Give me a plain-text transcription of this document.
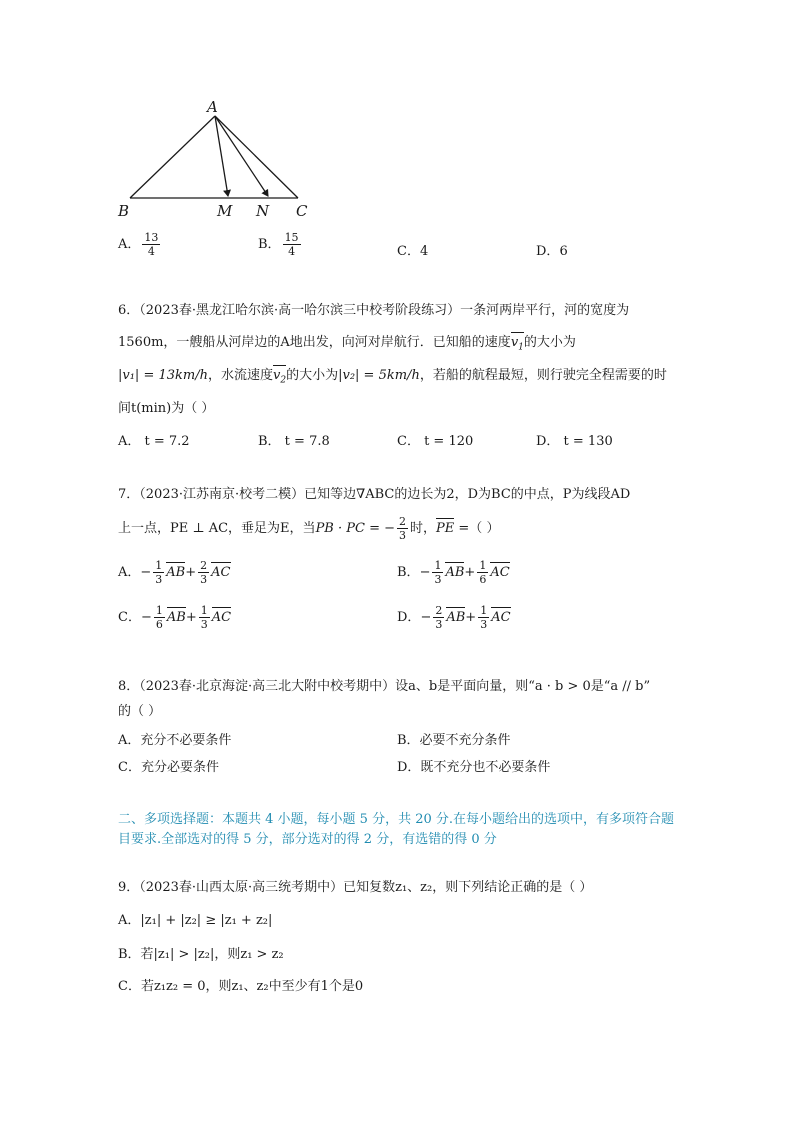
A
B	M N C
A． $\frac{13}{4}$	B． $\frac{15}{4}$	C．4	D．6
6．（2023春·黑龙江哈尔滨·高一哈尔滨三中校考阶段练习）一条河两岸平行，河的宽度为
1560m，一艘船从河岸边的A地出发，向河对岸航行．已知船的速度$v_1$的大小为
|v₁| = 13km/h，水流速度$v_2$的大小为|v₂| = 5km/h，若船的航程最短，则行驶完全程需要的时
间t(min)为（ ）
A． t = 7.2	B． t = 7.8	C． t = 120	D． t = 130
7．（2023·江苏南京·校考二模）已知等边∇ABC的边长为2，D为BC的中点，P为线段AD
上一点，PE ⊥ AC，垂足为E，当PB · PC = − $\frac{2}{3}$ 时，PE =（ ）
A．− $\frac{1}{3} AB+ \frac{2}{3}$ AC	B．− $\frac{1}{3} AB+ \frac{1}{6}$ AC
C．− $\frac{1}{6} AB+ \frac{1}{3}$ AC	D．− $\frac{2}{3} AB+ \frac{1}{3}$ AC
8．（2023春·北京海淀·高三北大附中校考期中）设a、b是平面向量，则“a · b > 0是“a // b”
的（ ）
A．充分不必要条件	B．必要不充分条件
C．充分必要条件	D．既不充分也不必要条件
二、多项选择题：本题共 4 小题，每小题 5 分，共 20 分.在每小题给出的选项中，有多项符合题目要求.全部选对的得 5 分，部分选对的得 2 分，有选错的得 0 分
9．（2023春·山西太原·高三统考期中）已知复数z₁、z₂，则下列结论正确的是（ ）
A．|z₁| + |z₂| ≥ |z₁ + z₂|
B．若|z₁| > |z₂|，则z₁ > z₂
C．若z₁z₂ = 0，则z₁、z₂中至少有1个是0
